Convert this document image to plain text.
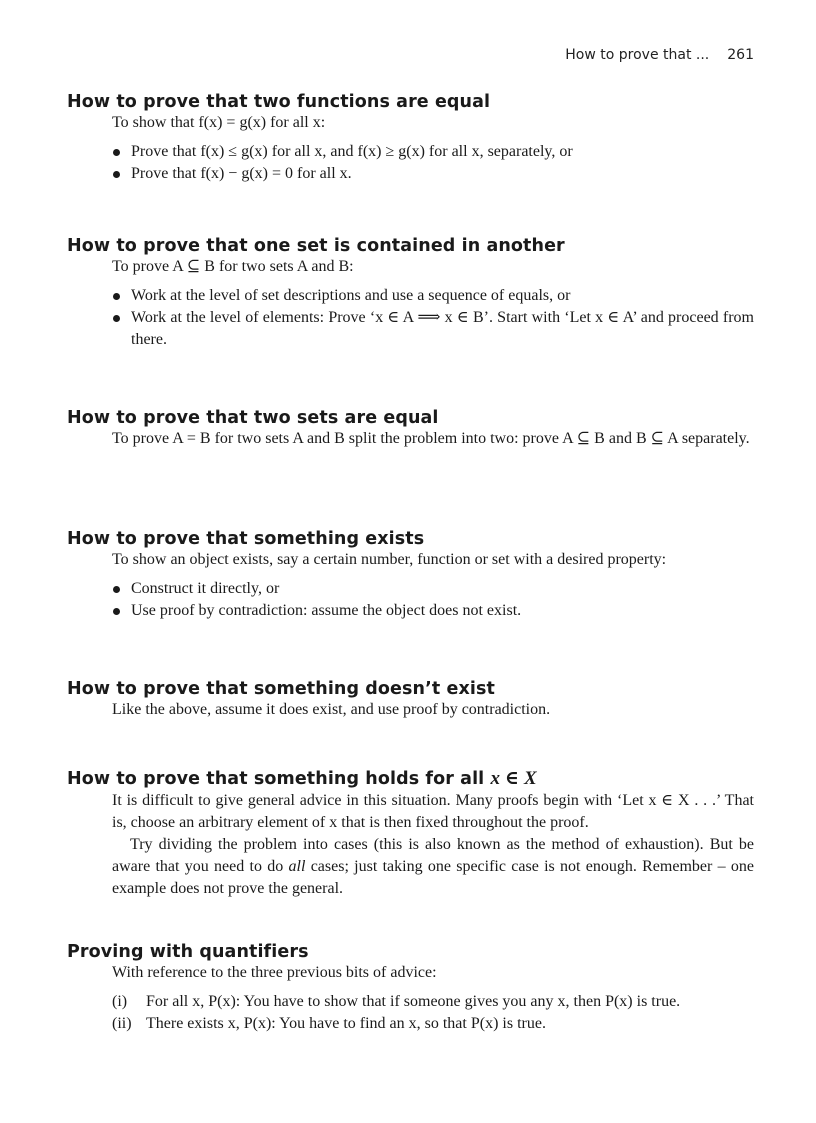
How to prove that ... 261
How to prove that two functions are equal

To show that f(x) = g(x) for all x:

Prove that f(x) ≤ g(x) for all x, and f(x) ≥ g(x) for all x, separately, or
Prove that f(x) − g(x) = 0 for all x.
How to prove that one set is contained in another

To prove A ⊆ B for two sets A and B:

Work at the level of set descriptions and use a sequence of equals, or
Work at the level of elements: Prove ‘x ∈ A ⟹ x ∈ B’. Start with ‘Let x ∈ A’ and proceed from there.
How to prove that two sets are equal

To prove A = B for two sets A and B split the problem into two: prove A ⊆ B and B ⊆ A separately.

How to prove that something exists

To show an object exists, say a certain number, function or set with a desired property:

Construct it directly, or
Use proof by contradiction: assume the object does not exist.
How to prove that something doesn’t exist

Like the above, assume it does exist, and use proof by contradiction.

How to prove that something holds for all x ∈ X

It is difficult to give general advice in this situation. Many proofs begin with ‘Let x ∈ X . . .’ That is, choose an arbitrary element of x that is then fixed throughout the proof.

Try dividing the problem into cases (this is also known as the method of exhaustion). But be aware that you need to do all cases; just taking one specific case is not enough. Remember – one example does not prove the general.

Proving with quantifiers

With reference to the three previous bits of advice:

(i) For all x, P(x): You have to show that if someone gives you any x, then P(x) is true.
(ii) There exists x, P(x): You have to find an x, so that P(x) is true.
